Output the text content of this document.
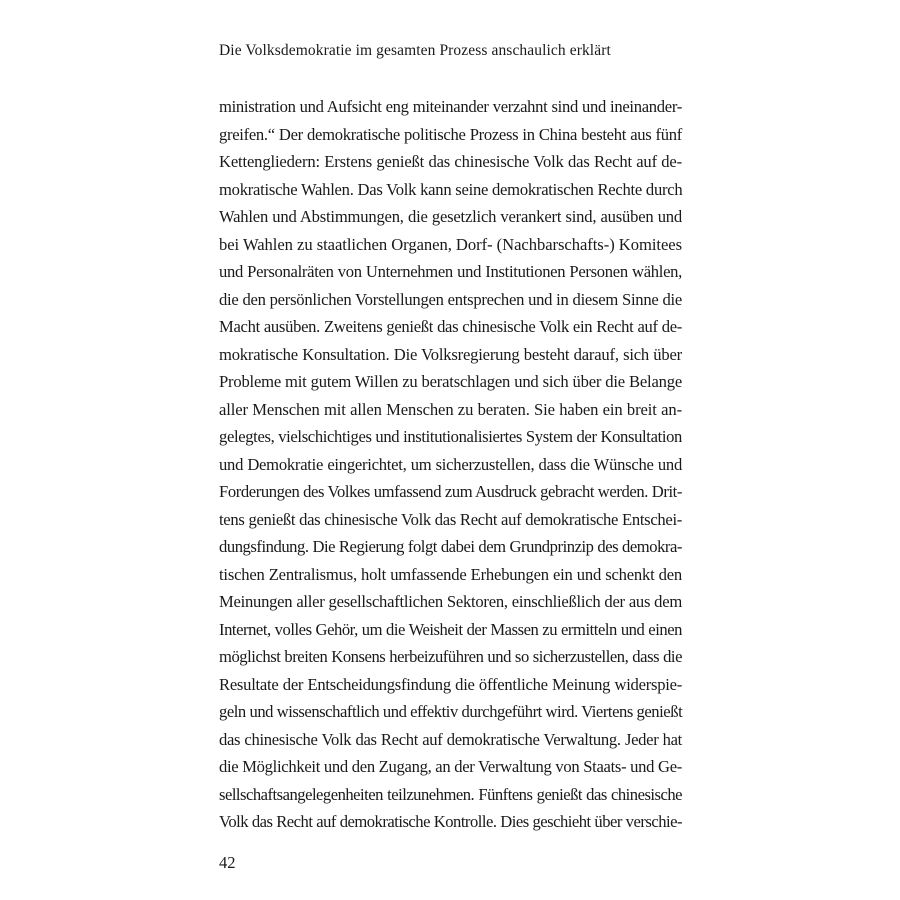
Die Volksdemokratie im gesamten Prozess anschaulich erklärt
ministration und Aufsicht eng miteinander verzahnt sind und ineinander-
greifen.“ Der demokratische politische Prozess in China besteht aus fünf
Kettengliedern: Erstens genießt das chinesische Volk das Recht auf de-
mokratische Wahlen. Das Volk kann seine demokratischen Rechte durch
Wahlen und Abstimmungen, die gesetzlich verankert sind, ausüben und
bei Wahlen zu staatlichen Organen, Dorf- (Nachbarschafts-) Komitees
und Personalräten von Unternehmen und Institutionen Personen wählen,
die den persönlichen Vorstellungen entsprechen und in diesem Sinne die
Macht ausüben. Zweitens genießt das chinesische Volk ein Recht auf de-
mokratische Konsultation. Die Volksregierung besteht darauf, sich über
Probleme mit gutem Willen zu beratschlagen und sich über die Belange
aller Menschen mit allen Menschen zu beraten. Sie haben ein breit an-
gelegtes, vielschichtiges und institutionalisiertes System der Konsultation
und Demokratie eingerichtet, um sicherzustellen, dass die Wünsche und
Forderungen des Volkes umfassend zum Ausdruck gebracht werden. Drit-
tens genießt das chinesische Volk das Recht auf demokratische Entschei-
dungsfindung. Die Regierung folgt dabei dem Grundprinzip des demokra-
tischen Zentralismus, holt umfassende Erhebungen ein und schenkt den
Meinungen aller gesellschaftlichen Sektoren, einschließlich der aus dem
Internet, volles Gehör, um die Weisheit der Massen zu ermitteln und einen
möglichst breiten Konsens herbeizuführen und so sicherzustellen, dass die
Resultate der Entscheidungsfindung die öffentliche Meinung widerspie-
geln und wissenschaftlich und effektiv durchgeführt wird. Viertens genießt
das chinesische Volk das Recht auf demokratische Verwaltung. Jeder hat
die Möglichkeit und den Zugang, an der Verwaltung von Staats- und Ge-
sellschaftsangelegenheiten teilzunehmen. Fünftens genießt das chinesische
Volk das Recht auf demokratische Kontrolle. Dies geschieht über verschie-
42
